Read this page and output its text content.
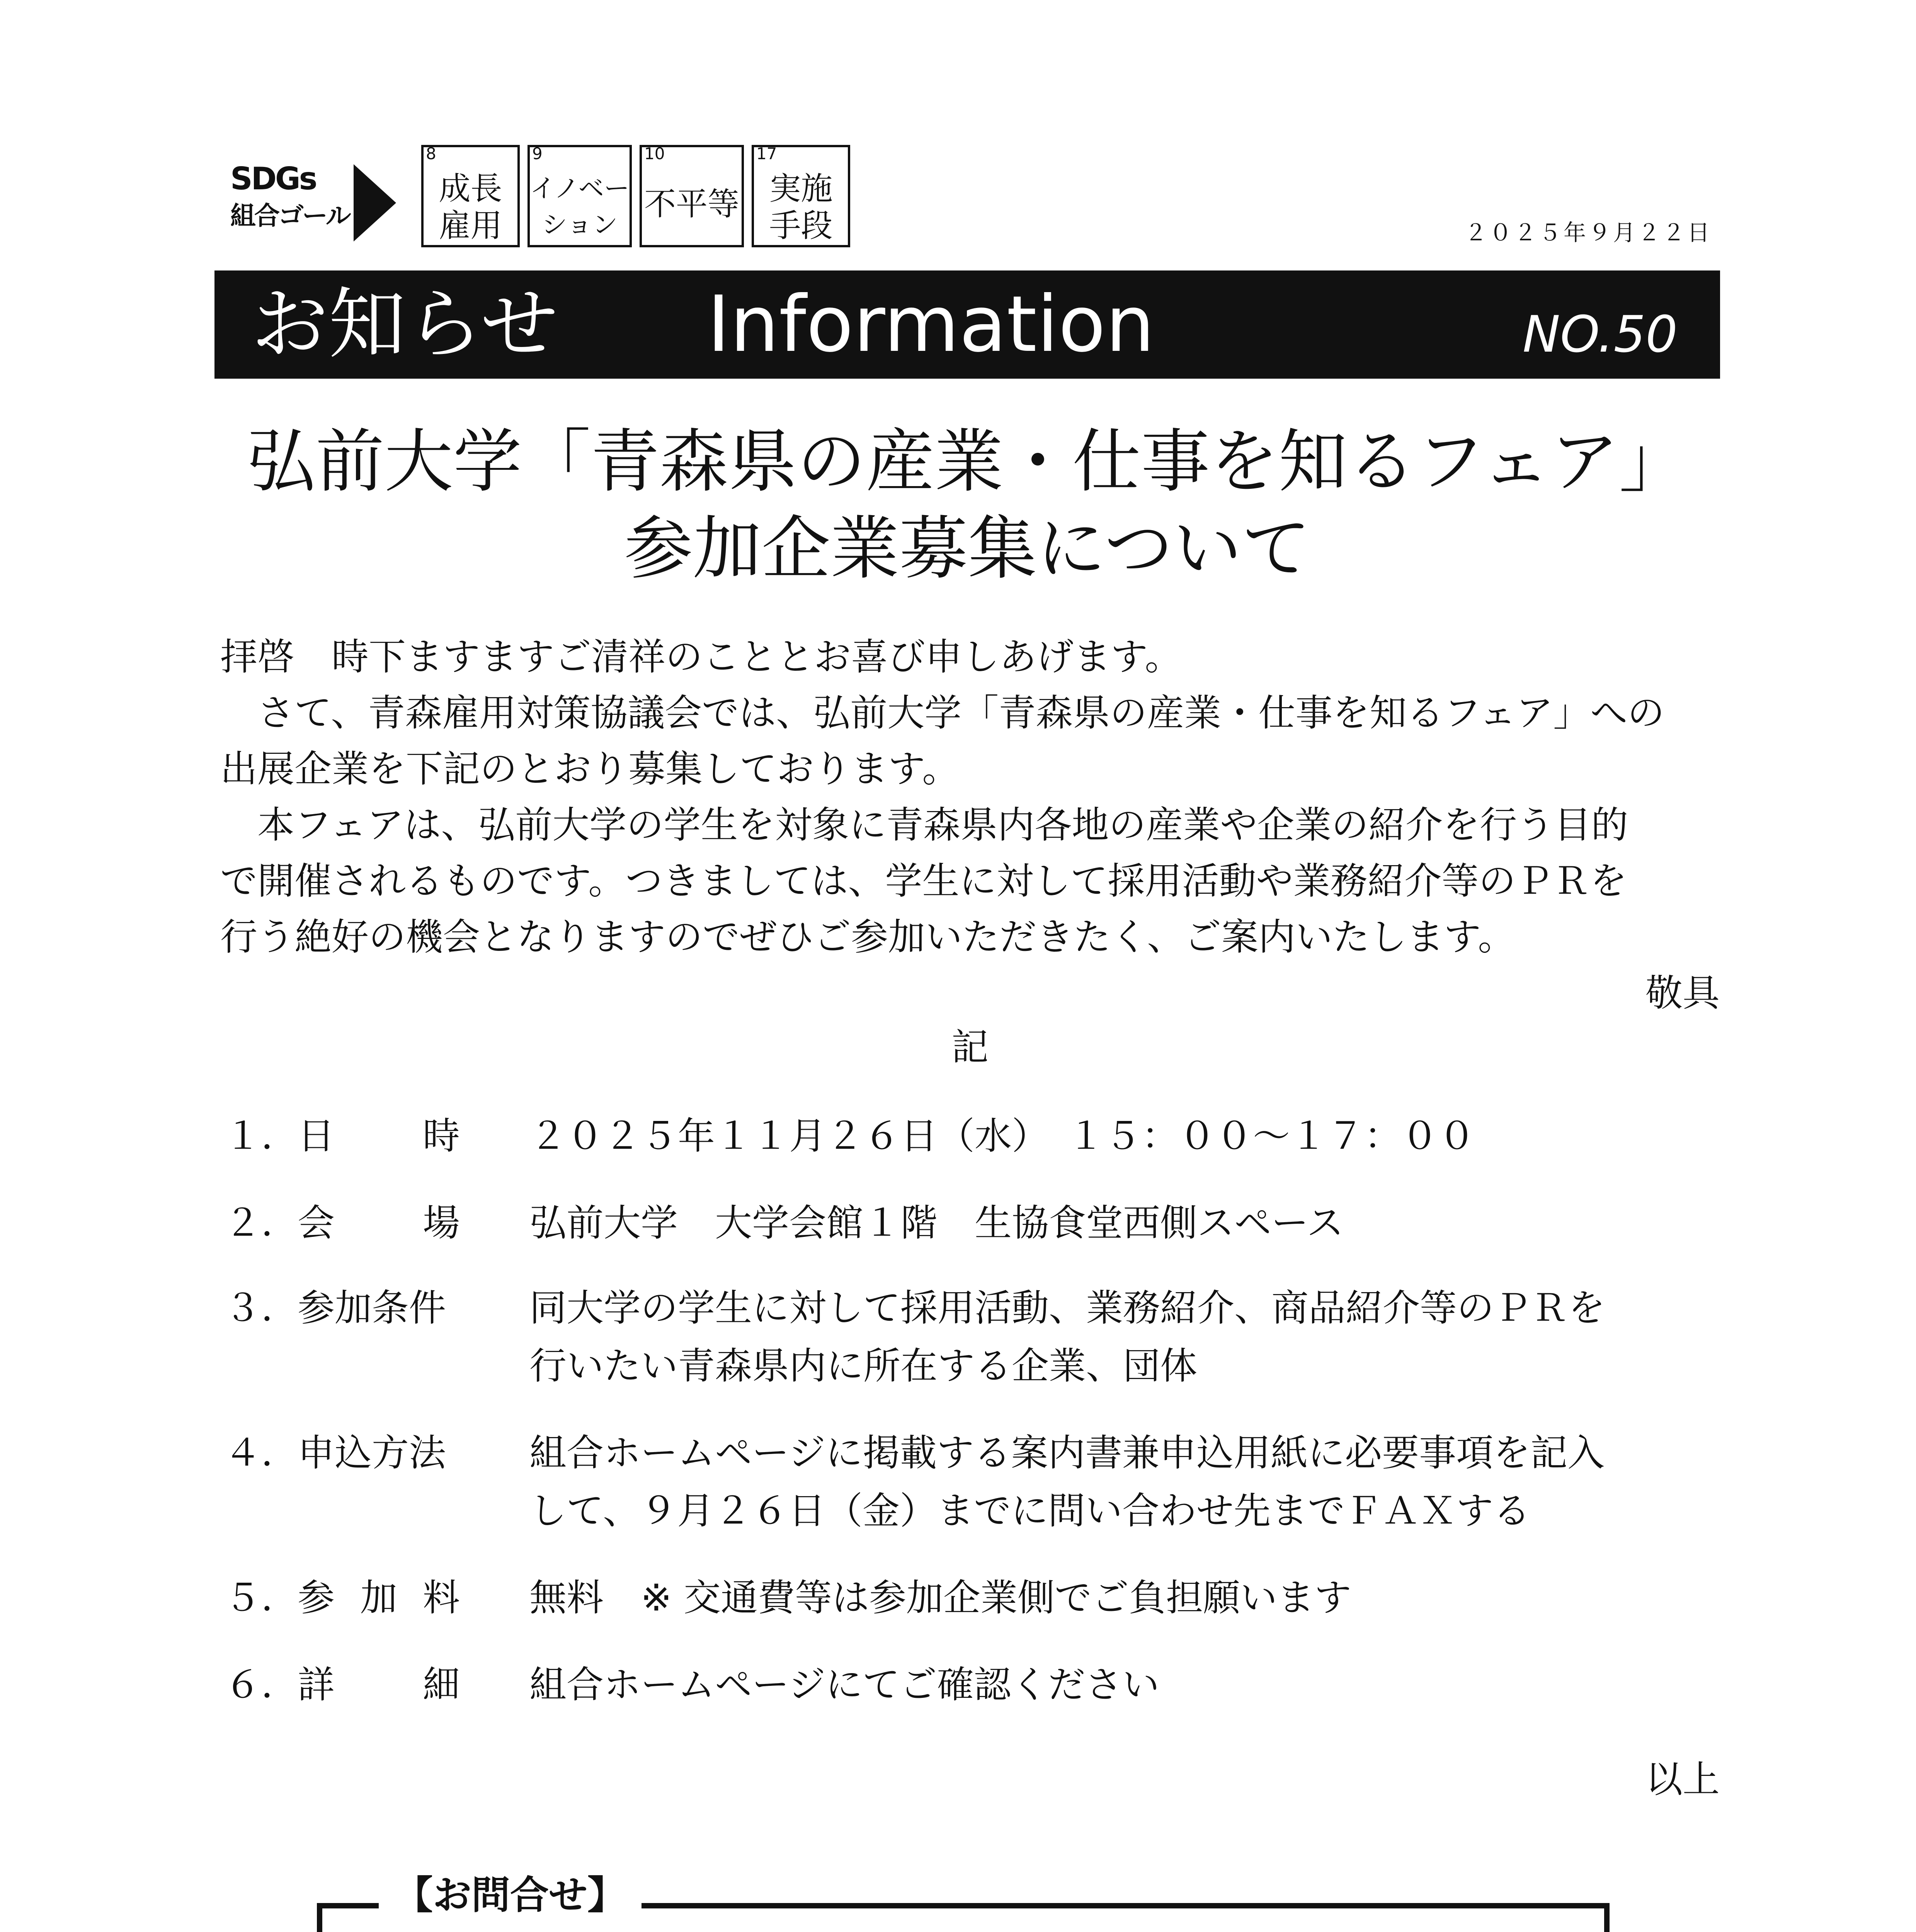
SDGs
組合ゴール
8
成長
雇用
9
イノベー
ション
10
不平等
17
実施
手段	２０２５年９月２２日
お知らせ Information	NO.50
弘前大学「青森県の産業・仕事を知るフェア」
参加企業募集について
拝啓　時下ますますご清祥のこととお喜び申しあげます。
　さて、青森雇用対策協議会では、弘前大学「青森県の産業・仕事を知るフェア」への
出展企業を下記のとおり募集しております。
　本フェアは、弘前大学の学生を対象に青森県内各地の産業や企業の紹介を行う目的
で開催されるものです。つきましては、学生に対して採用活動や業務紹介等のＰＲを
行う絶好の機会となりますのでぜひご参加いただきたく、ご案内いたします。
敬具
記
１．
日 時 ２０２５年１１月２６日（水）　１５：００～１７：００
２．
会 場 弘前大学　大学会館１階　生協食堂西側スペース
３．
参加条件 同大学の学生に対して採用活動、業務紹介、商品紹介等のＰＲを
行いたい青森県内に所在する企業、団体
４．
申込方法 組合ホームページに掲載する案内書兼申込用紙に必要事項を記入
して、９月２６日（金）までに問い合わせ先までＦＡＸする
５．
参 加 料 無料　※ 交通費等は参加企業側でご負担願います
６．
詳 細 組合ホームページにてご確認ください
以上
【お問合せ】
